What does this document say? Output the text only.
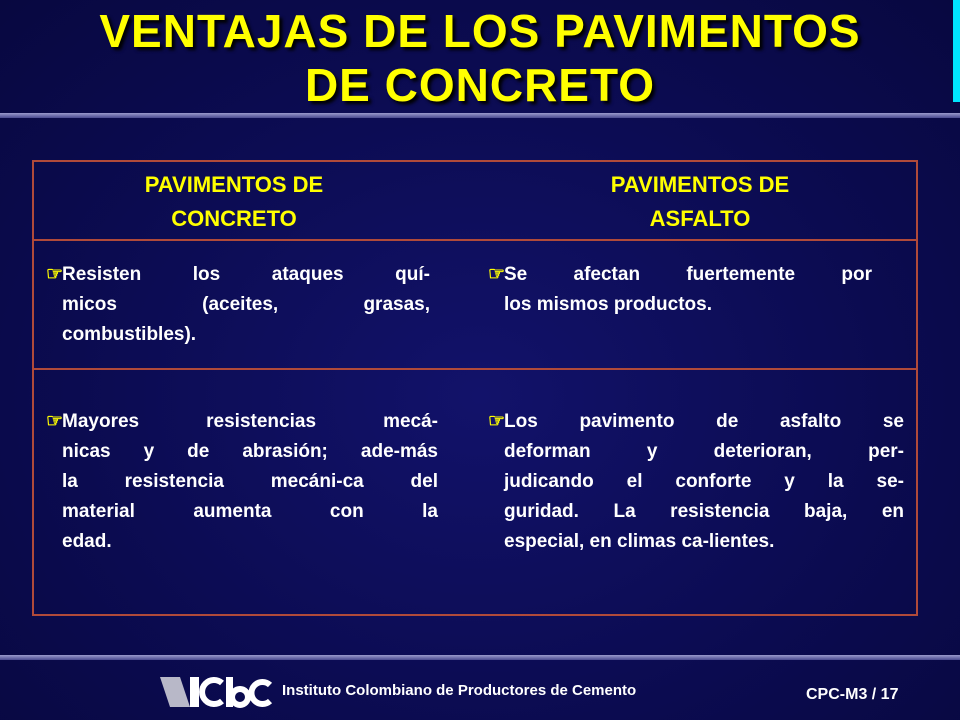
VENTAJAS DE LOS PAVIMENTOS
DE CONCRETO
PAVIMENTOS DE
CONCRETO
PAVIMENTOS DE
ASFALTO
☞
Resisten los ataques quí-
micos (aceites, grasas,
combustibles).
☞
Se afectan fuertemente por
los mismos productos.
☞
Mayores resistencias mecá-
nicas y de abrasión; ade-más
la resistencia mecáni-ca del
material aumenta con la
edad.
☞
Los pavimento de asfalto se
deforman y deterioran, per-
judicando el conforte y la se-
guridad. La resistencia baja, en
especial, en climas ca-lientes.
Instituto Colombiano de Productores de Cemento	CPC-M3 / 17
